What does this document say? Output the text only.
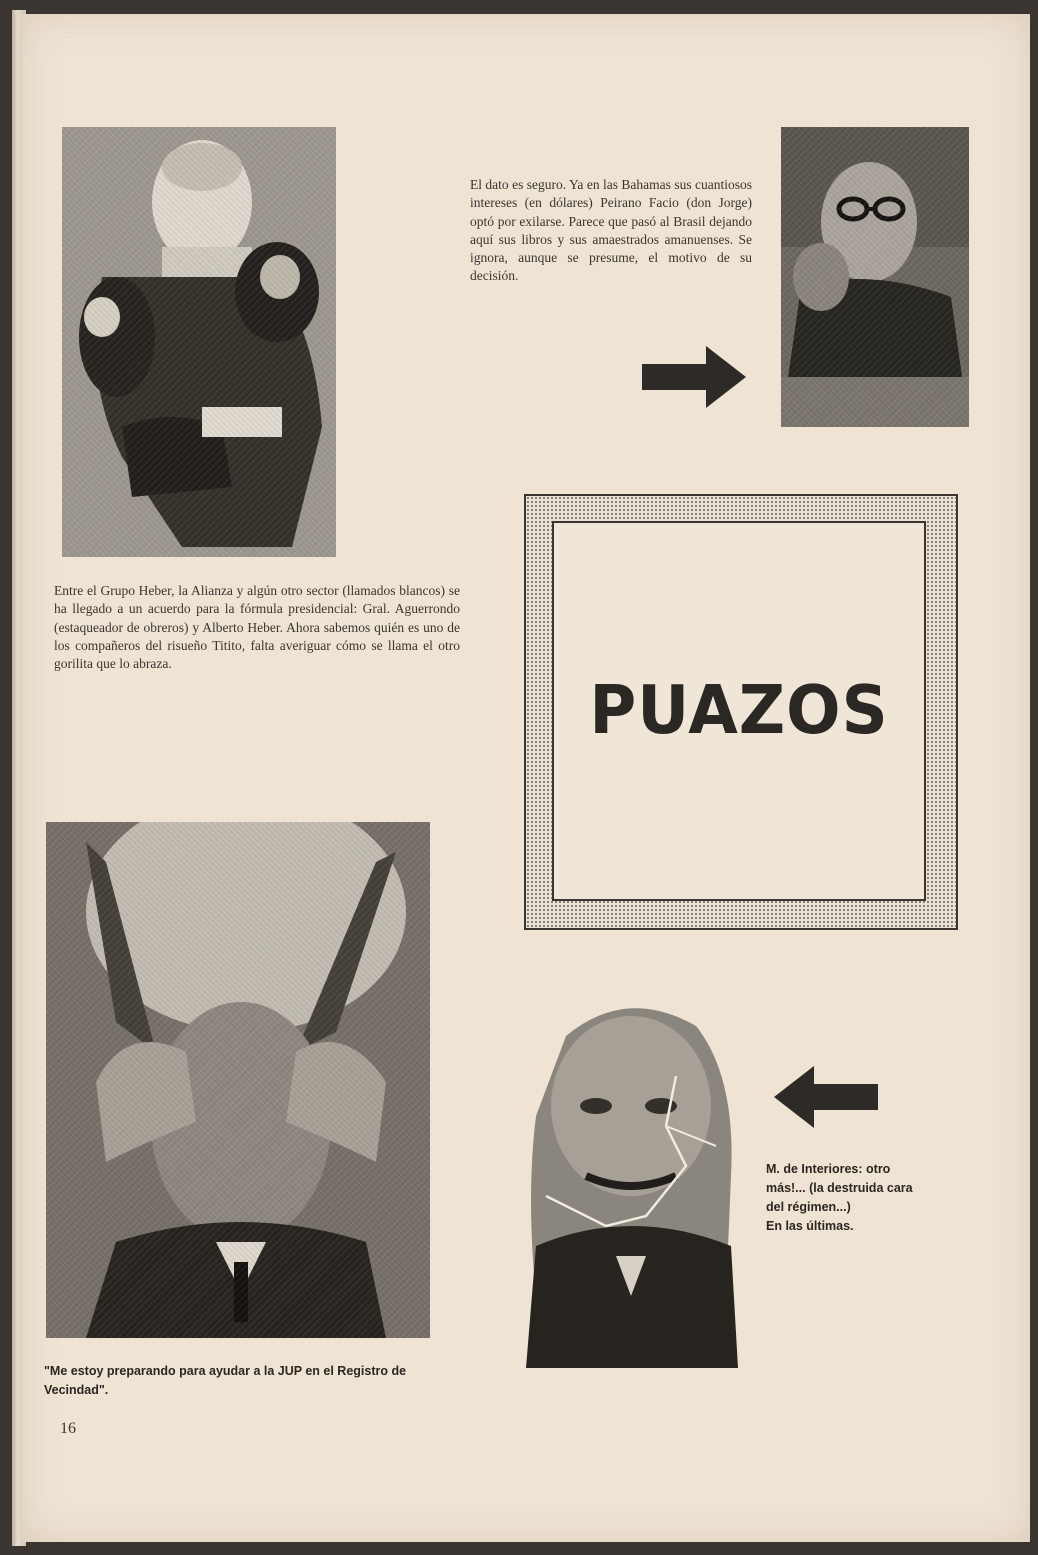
El dato es seguro. Ya en las Bahamas sus cuantiosos intereses (en dólares) Peirano Facio (don Jorge) optó por exilarse. Parece que pasó al Brasil dejando aquí sus libros y sus amaestrados amanuenses. Se ignora, aunque se presume, el motivo de su decisión.
Entre el Grupo Heber, la Alianza y algún otro sector (llamados blancos) se ha llegado a un acuerdo para la fórmula presidencial: Gral. Aguerrondo (estaqueador de obreros) y Alberto Heber. Ahora sabemos quién es uno de los compañeros del risueño Titito, falta averiguar cómo se llama el otro gorilita que lo abraza.
PUAZOS
"Me estoy preparando para ayudar a la JUP en el Registro de Vecindad".
M. de Interiores: otro
más!... (la destruida cara
del régimen...)
En las últimas.
16
